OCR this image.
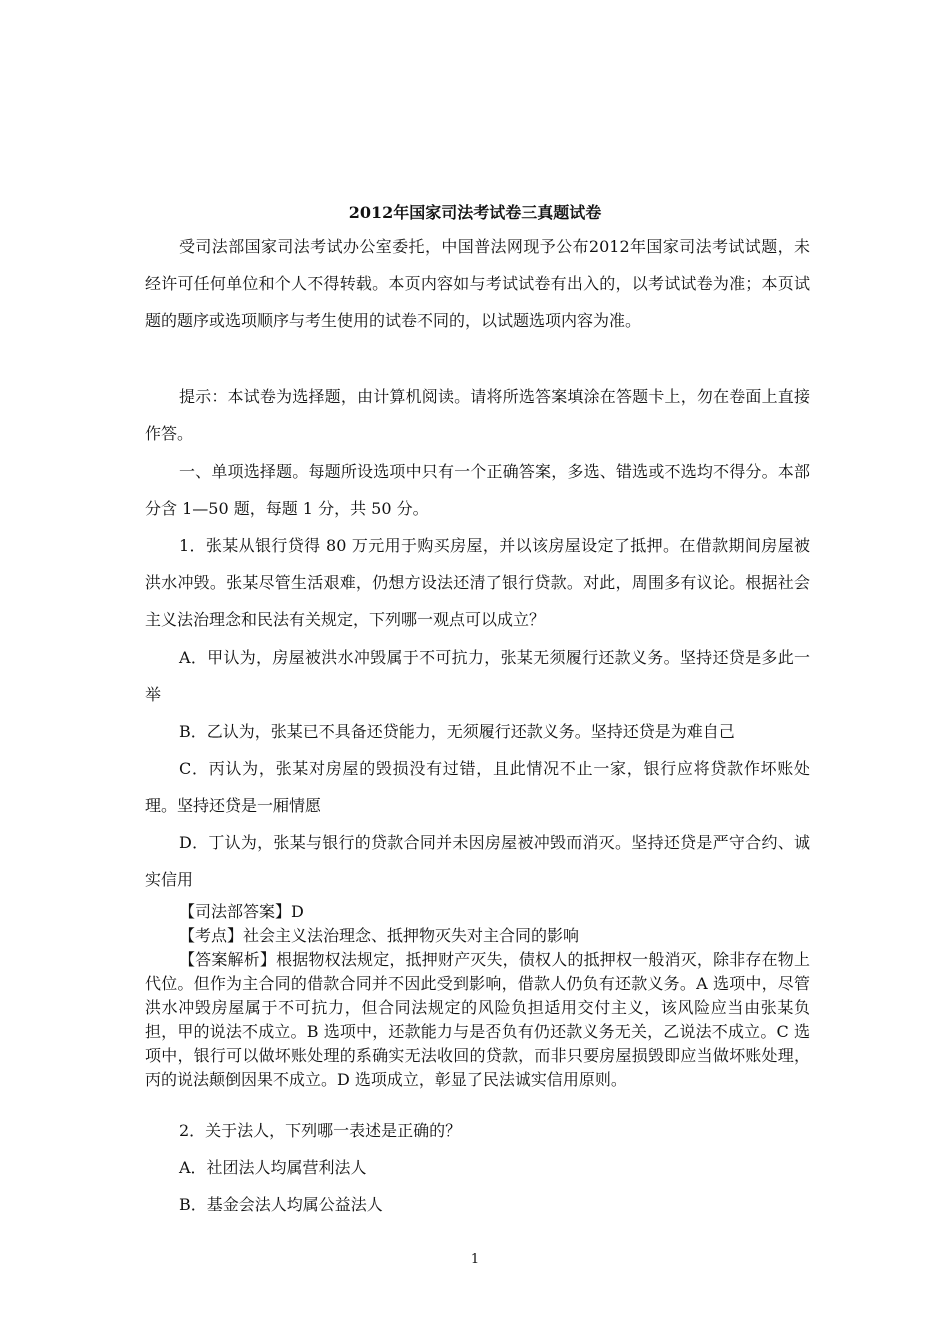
2012年国家司法考试卷三真题试卷

受司法部国家司法考试办公室委托，中国普法网现予公布2012年国家司法考试试题，未经许可任何单位和个人不得转载。本页内容如与考试试卷有出入的，以考试试卷为准；本页试题的题序或选项顺序与考生使用的试卷不同的，以试题选项内容为准。

提示：本试卷为选择题，由计算机阅读。请将所选答案填涂在答题卡上，勿在卷面上直接作答。

一、单项选择题。每题所设选项中只有一个正确答案，多选、错选或不选均不得分。本部分含 1—50 题，每题 1 分，共 50 分。

1．张某从银行贷得 80 万元用于购买房屋，并以该房屋设定了抵押。在借款期间房屋被洪水冲毁。张某尽管生活艰难，仍想方设法还清了银行贷款。对此，周围多有议论。根据社会主义法治理念和民法有关规定，下列哪一观点可以成立？

A．甲认为，房屋被洪水冲毁属于不可抗力，张某无须履行还款义务。坚持还贷是多此一举

B．乙认为，张某已不具备还贷能力，无须履行还款义务。坚持还贷是为难自己

C．丙认为，张某对房屋的毁损没有过错，且此情况不止一家，银行应将贷款作坏账处理。坚持还贷是一厢情愿

D．丁认为，张某与银行的贷款合同并未因房屋被冲毁而消灭。坚持还贷是严守合约、诚实信用

【司法部答案】D
【考点】社会主义法治理念、抵押物灭失对主合同的影响
【答案解析】根据物权法规定，抵押财产灭失，债权人的抵押权一般消灭，除非存在物上代位。但作为主合同的借款合同并不因此受到影响，借款人仍负有还款义务。A 选项中，尽管洪水冲毁房屋属于不可抗力，但合同法规定的风险负担适用交付主义，该风险应当由张某负担，甲的说法不成立。B 选项中，还款能力与是否负有仍还款义务无关，乙说法不成立。C 选项中，银行可以做坏账处理的系确实无法收回的贷款，而非只要房屋损毁即应当做坏账处理，丙的说法颠倒因果不成立。D 选项成立，彰显了民法诚实信用原则。

2．关于法人，下列哪一表述是正确的？

A．社团法人均属营利法人

B．基金会法人均属公益法人

1
